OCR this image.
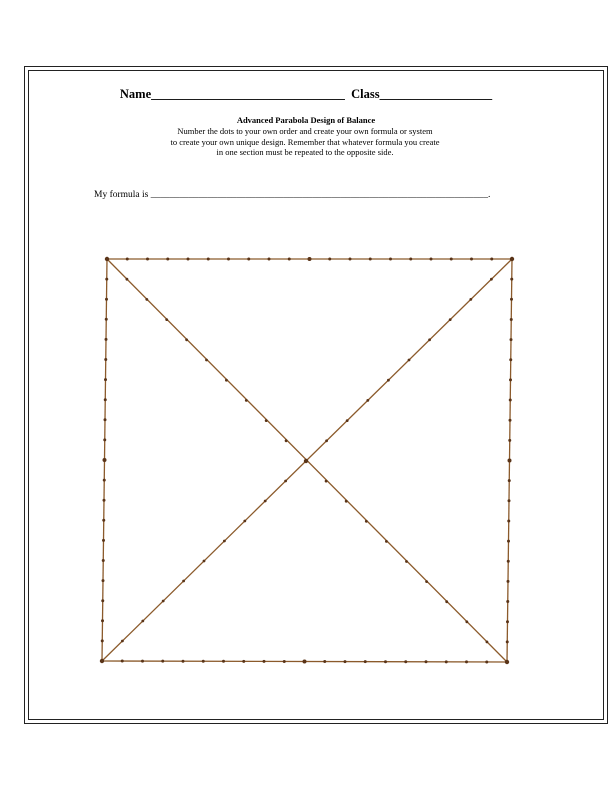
Name_______________________________ Class__________________
Advanced Parabola Design of Balance
Number the dots to your own order and create your own formula or system
to create your own unique design. Remember that whatever formula you create
in one section must be repeated to the opposite side.
My formula is _______________________________________________________________________.
